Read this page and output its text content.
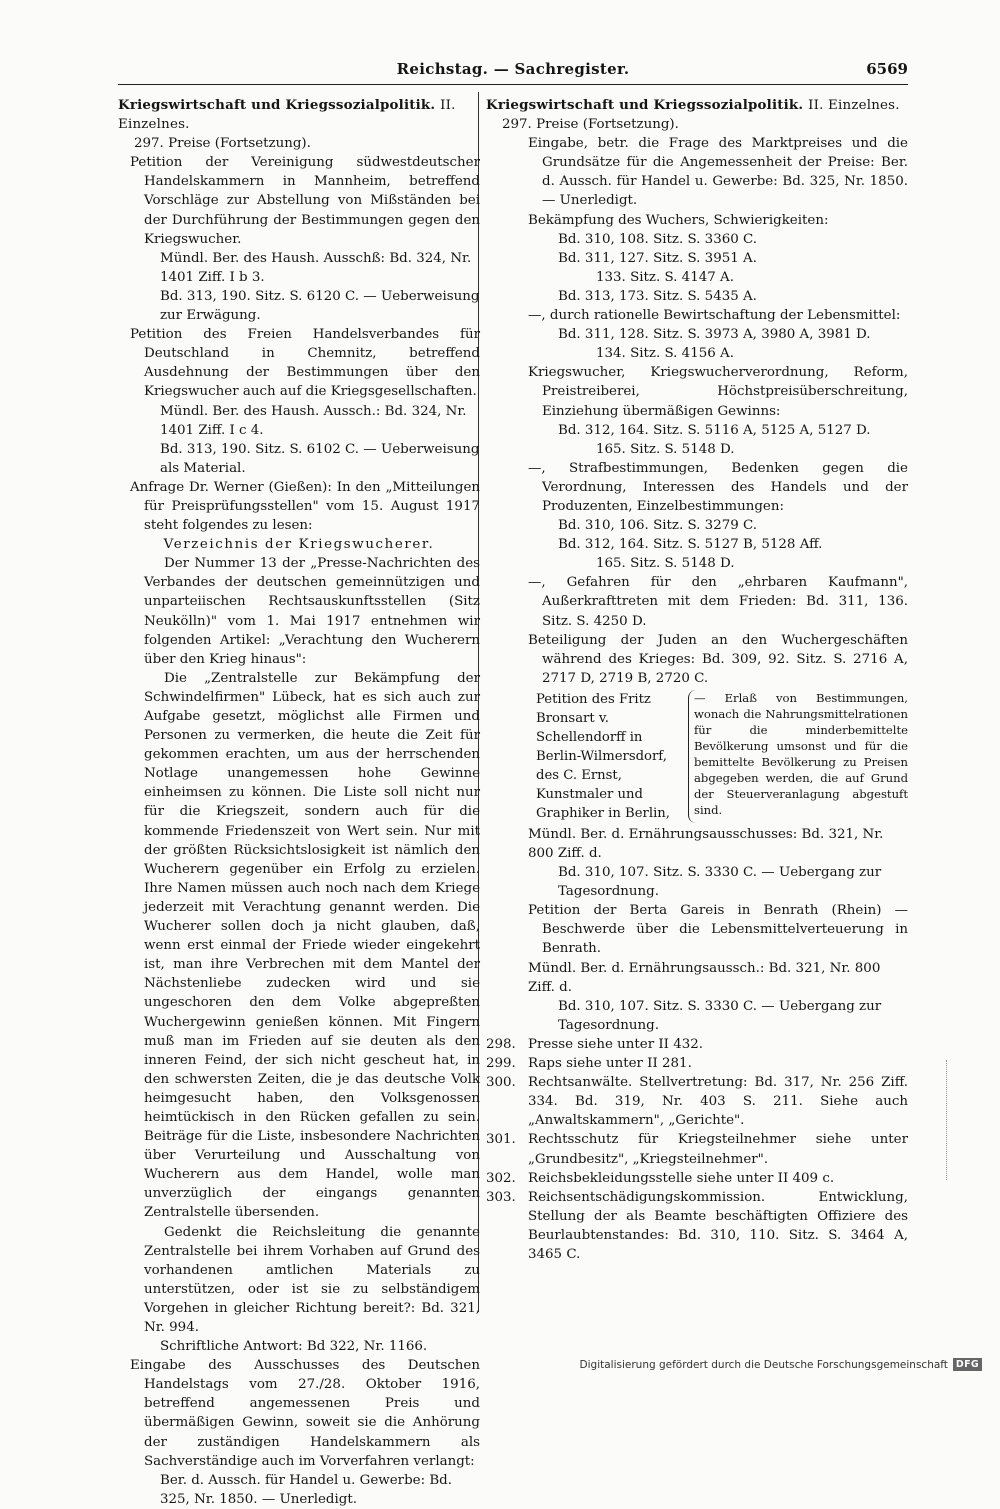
Reichstag. — Sachregister.	6569
Kriegswirtschaft und Kriegssozialpolitik. II. Einzelnes.
297. Preise (Fortsetzung).
Petition der Vereinigung südwestdeutscher Handelskammern in Mannheim, betreffend Vorschläge zur Abstellung von Mißständen bei der Durchführung der Bestimmungen gegen den Kriegswucher.
Mündl. Ber. des Haush. Ausschß: Bd. 324, Nr. 1401 Ziff. I b 3.
Bd. 313, 190. Sitz. S. 6120 C. — Ueberweisung zur Erwägung.
Petition des Freien Handelsverbandes für Deutschland in Chemnitz, betreffend Ausdehnung der Bestimmungen über den Kriegswucher auch auf die Kriegsgesellschaften.
Mündl. Ber. des Haush. Aussch.: Bd. 324, Nr. 1401 Ziff. I c 4.
Bd. 313, 190. Sitz. S. 6102 C. — Ueberweisung als Material.
Anfrage Dr. Werner (Gießen): In den „Mitteilungen für Preisprüfungsstellen" vom 15. August 1917 steht folgendes zu lesen:
Verzeichnis der Kriegswucherer.
Der Nummer 13 der „Presse-Nachrichten des Verbandes der deutschen gemeinnützigen und unparteiischen Rechtsauskunftsstellen (Sitz Neukölln)" vom 1. Mai 1917 entnehmen wir folgenden Artikel: „Verachtung den Wucherern über den Krieg hinaus":
Die „Zentralstelle zur Bekämpfung der Schwindelfirmen" Lübeck, hat es sich auch zur Aufgabe gesetzt, möglichst alle Firmen und Personen zu vermerken, die heute die Zeit für gekommen erachten, um aus der herrschenden Notlage unangemessen hohe Gewinne einheimsen zu können. Die Liste soll nicht nur für die Kriegszeit, sondern auch für die kommende Friedenszeit von Wert sein. Nur mit der größten Rücksichtslosigkeit ist nämlich den Wucherern gegenüber ein Erfolg zu erzielen. Ihre Namen müssen auch noch nach dem Kriege jederzeit mit Verachtung genannt werden. Die Wucherer sollen doch ja nicht glauben, daß, wenn erst einmal der Friede wieder eingekehrt ist, man ihre Verbrechen mit dem Mantel der Nächstenliebe zudecken wird und sie ungeschoren den dem Volke abgepreßten Wuchergewinn genießen können. Mit Fingern muß man im Frieden auf sie deuten als den inneren Feind, der sich nicht gescheut hat, in den schwersten Zeiten, die je das deutsche Volk heimgesucht haben, den Volksgenossen heimtückisch in den Rücken gefallen zu sein. Beiträge für die Liste, insbesondere Nachrichten über Verurteilung und Ausschaltung von Wucherern aus dem Handel, wolle man unverzüglich der eingangs genannten Zentralstelle übersenden.
Gedenkt die Reichsleitung die genannte Zentralstelle bei ihrem Vorhaben auf Grund des vorhandenen amtlichen Materials zu unterstützen, oder ist sie zu selbständigem Vorgehen in gleicher Richtung bereit?: Bd. 321, Nr. 994.
Schriftliche Antwort: Bd 322, Nr. 1166.
Eingabe des Ausschusses des Deutschen Handelstags vom 27./28. Oktober 1916, betreffend angemessenen Preis und übermäßigen Gewinn, soweit sie die Anhörung der zuständigen Handelskammern als Sachverständige auch im Vorverfahren verlangt:
Ber. d. Aussch. für Handel u. Gewerbe: Bd. 325, Nr. 1850. — Unerledigt.
Kriegswirtschaft und Kriegssozialpolitik. II. Einzelnes.
297. Preise (Fortsetzung).
Eingabe, betr. die Frage des Marktpreises und die Grundsätze für die Angemessenheit der Preise: Ber. d. Aussch. für Handel u. Gewerbe: Bd. 325, Nr. 1850. — Unerledigt.
Bekämpfung des Wuchers, Schwierigkeiten:
Bd. 310, 108. Sitz. S. 3360 C.
Bd. 311, 127. Sitz. S. 3951 A.
133. Sitz. S. 4147 A.
Bd. 313, 173. Sitz. S. 5435 A.
—, durch rationelle Bewirtschaftung der Lebensmittel:
Bd. 311, 128. Sitz. S. 3973 A, 3980 A, 3981 D.
134. Sitz. S. 4156 A.
Kriegswucher, Kriegswucherverordnung, Reform, Preistreiberei, Höchstpreisüberschreitung, Einziehung übermäßigen Gewinns:
Bd. 312, 164. Sitz. S. 5116 A, 5125 A, 5127 D.
165. Sitz. S. 5148 D.
—, Strafbestimmungen, Bedenken gegen die Verordnung, Interessen des Handels und der Produzenten, Einzelbestimmungen:
Bd. 310, 106. Sitz. S. 3279 C.
Bd. 312, 164. Sitz. S. 5127 B, 5128 Aff.
165. Sitz. S. 5148 D.
—, Gefahren für den „ehrbaren Kaufmann", Außerkrafttreten mit dem Frieden: Bd. 311, 136. Sitz. S. 4250 D.
Beteiligung der Juden an den Wuchergeschäften während des Krieges: Bd. 309, 92. Sitz. S. 2716 A, 2717 D, 2719 B, 2720 C.
Petition des Fritz Bronsart v. Schellendorff in Berlin-Wilmersdorf, des C. Ernst, Kunstmaler und Graphiker in Berlin,
— Erlaß von Bestimmungen, wonach die Nahrungsmittelrationen für die minderbemittelte Bevölkerung umsonst und für die bemittelte Bevölkerung zu Preisen abgegeben werden, die auf Grund der Steuerveranlagung abgestuft sind.
Mündl. Ber. d. Ernährungsausschusses: Bd. 321, Nr. 800 Ziff. d.
Bd. 310, 107. Sitz. S. 3330 C. — Uebergang zur Tagesordnung.
Petition der Berta Gareis in Benrath (Rhein) — Beschwerde über die Lebensmittelverteuerung in Benrath.
Mündl. Ber. d. Ernährungsaussch.: Bd. 321, Nr. 800 Ziff. d.
Bd. 310, 107. Sitz. S. 3330 C. — Uebergang zur Tagesordnung.
298. Presse siehe unter II 432.
299. Raps siehe unter II 281.
300. Rechtsanwälte. Stellvertretung: Bd. 317, Nr. 256 Ziff. 334. Bd. 319, Nr. 403 S. 211. Siehe auch „Anwaltskammern", „Gerichte".
301. Rechtsschutz für Kriegsteilnehmer siehe unter „Grundbesitz", „Kriegsteilnehmer".
302. Reichsbekleidungsstelle siehe unter II 409 c.
303. Reichsentschädigungskommission. Entwicklung, Stellung der als Beamte beschäftigten Offiziere des Beurlaubtenstandes: Bd. 310, 110. Sitz. S. 3464 A, 3465 C.
Digitalisierung gefördert durch die Deutsche Forschungsgemeinschaft DFG
